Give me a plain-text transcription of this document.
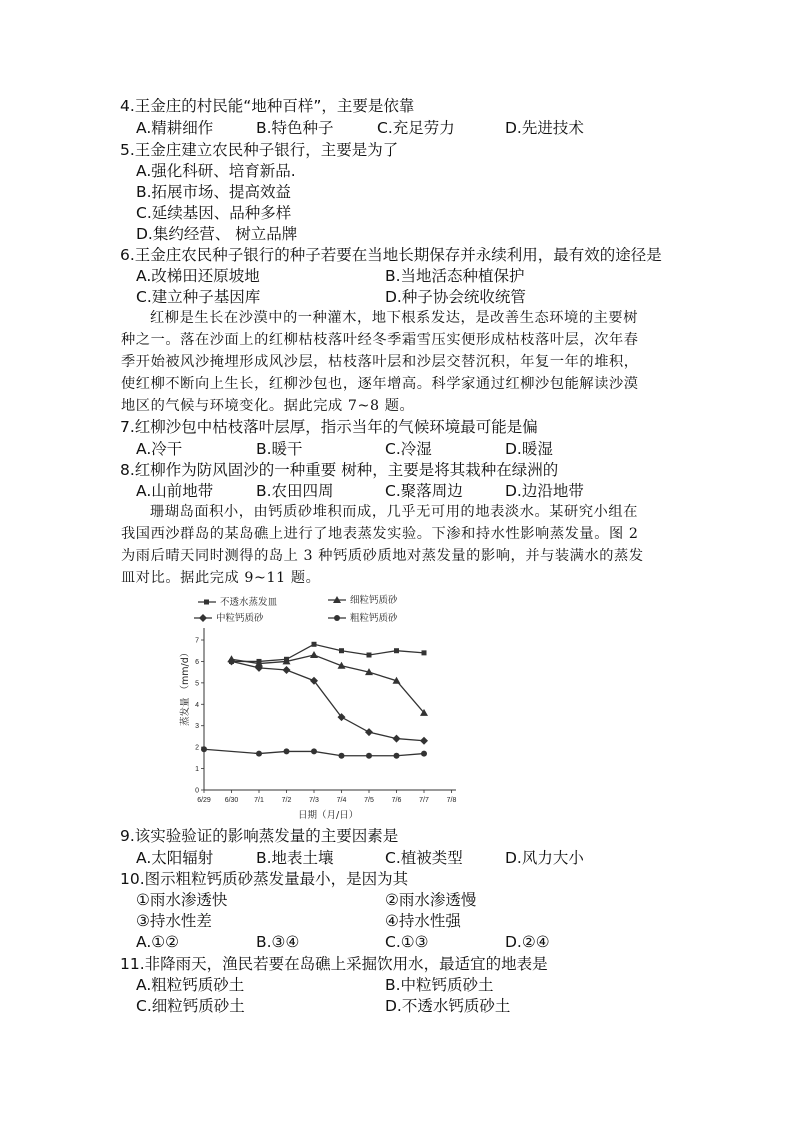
4.王金庄的村民能“地种百样”，主要是依靠
A.精耕细作	B.特色种子	C.充足劳力	D.先进技术
5.王金庄建立农民种子银行，主要是为了
A.强化科研、培育新品.
B.拓展市场、提高效益
C.延续基因、品种多样
D.集约经营、 树立品牌
6.王金庄农民种子银行的种子若要在当地长期保存并永续利用，最有效的途径是
A.改梯田还原坡地	B.当地活态种植保护
C.建立种子基因库	D.种子协会统收统管
红柳是生长在沙漠中的一种灌木，地下根系发达，是改善生态环境的主要树
种之一。落在沙面上的红柳枯枝落叶经冬季霜雪压实便形成枯枝落叶层，次年春
季开始被风沙掩埋形成风沙层，枯枝落叶层和沙层交替沉积，年复一年的堆积，
使红柳不断向上生长，红柳沙包也，逐年增高。科学家通过红柳沙包能解读沙漠
地区的气候与环境变化。据此完成 7~8 题。
7.红柳沙包中枯枝落叶层厚，指示当年的气候环境最可能是偏
A.冷干	B.暖干	C.冷湿	D.暖湿
8.红柳作为防风固沙的一种重要 树种，主要是将其栽种在绿洲的
A.山前地带	B.农田四周	C.聚落周边	D.边沿地带
珊瑚岛面积小，由钙质砂堆积而成，几乎无可用的地表淡水。某研究小组在
我国西沙群岛的某岛礁上进行了地表蒸发实验。下渗和持水性影响蒸发量。图 2
为雨后晴天同时测得的岛上 3 种钙质砂质地对蒸发量的影响，并与装满水的蒸发
皿对比。据此完成 9~11 题。
不透水蒸发皿	细粒钙质砂
中粒钙质砂	粗粒钙质砂
蒸发量 （mm/d）
日期（月/日）
6/29 6/30 7/1	7/2	7/3	7/4	7/5	7/6	7/7	7/8
0
1
2
3
4
5
6
7
9.该实验验证的影响蒸发量的主要因素是
A.太阳辐射	B.地表土壤	C.植被类型	D.风力大小
10.图示粗粒钙质砂蒸发量最小，是因为其
①雨水渗透快	②雨水渗透慢
③持水性差	④持水性强
A.①②	B.③④	C.①③	D.②④
11.非降雨天，渔民若要在岛礁上采掘饮用水，最适宜的地表是
A.粗粒钙质砂土	B.中粒钙质砂土
C.细粒钙质砂土	D.不透水钙质砂土
